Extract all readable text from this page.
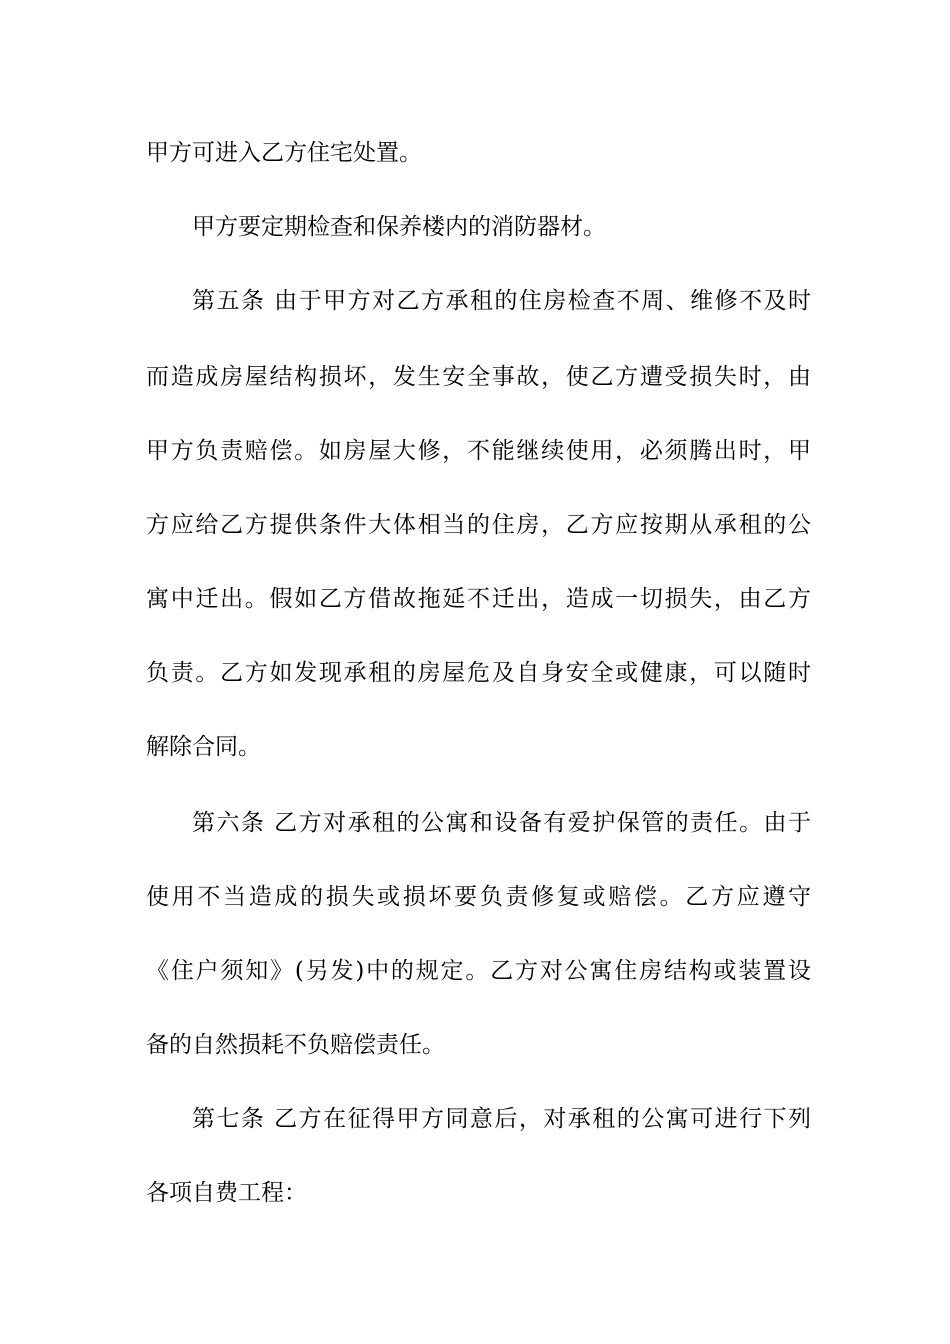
甲方可进入乙方住宅处置。
甲方要定期检查和保养楼内的消防器材。
第五条 由于甲方对乙方承租的住房检查不周、维修不及时
而造成房屋结构损坏，发生安全事故，使乙方遭受损失时，由
甲方负责赔偿。如房屋大修，不能继续使用，必须腾出时，甲
方应给乙方提供条件大体相当的住房，乙方应按期从承租的公
寓中迁出。假如乙方借故拖延不迁出，造成一切损失，由乙方
负责。乙方如发现承租的房屋危及自身安全或健康，可以随时
解除合同。
第六条 乙方对承租的公寓和设备有爱护保管的责任。由于
使用不当造成的损失或损坏要负责修复或赔偿。乙方应遵守
《住户须知》(另发)中的规定。乙方对公寓住房结构或装置设
备的自然损耗不负赔偿责任。
第七条 乙方在征得甲方同意后，对承租的公寓可进行下列
各项自费工程：
